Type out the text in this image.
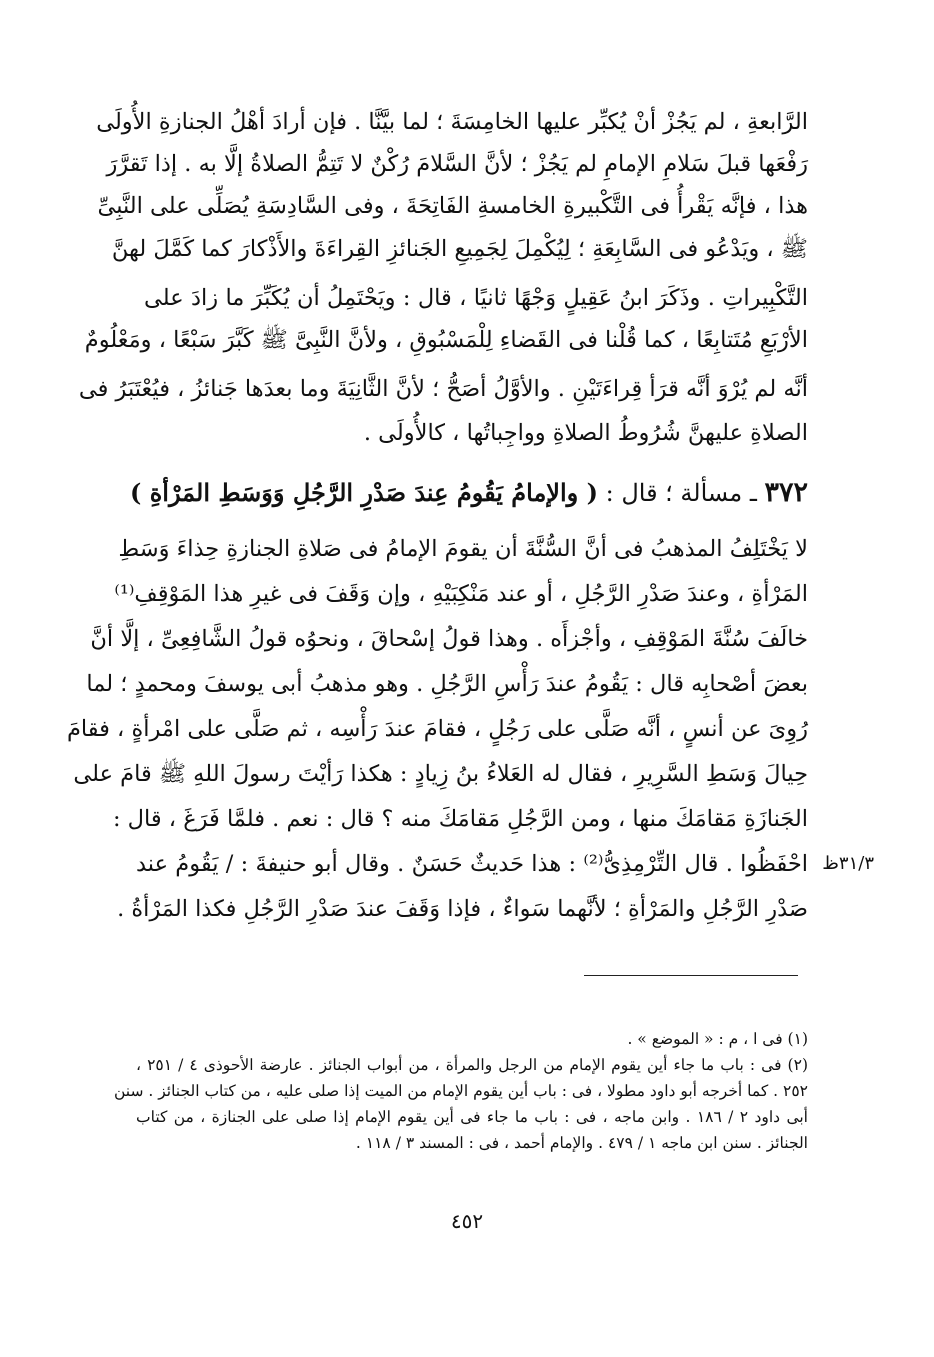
الرَّابعةِ ، لم يَجُزْ أنْ يُكبِّر عليها الخامِسَةَ ؛ لما بيَّنَّا . فإن أرادَ أهْلُ الجنازةِ الأُولَى
رَفْعَها قبلَ سَلامِ الإمامِ لم يَجُزْ ؛ لأنَّ السَّلامَ رُكْنٌ لا تَتِمُّ الصلاةُ إلَّا به . إذا تَقرَّرَ
هذا ، فإنَّه يَقْرأُ فى التَّكْبيرةِ الخامسةِ الفَاتِحَةَ ، وفى السَّادِسَةِ يُصَلِّى على النَّبِىِّ
ﷺ ، ويَدْعُو فى السَّابِعَةِ ؛ لِيُكْمِلَ لِجَمِيعِ الجَنائزِ القِراءَةَ والأَذْكارَ كما كَمَّلَ لهنَّ
التَّكْبِيراتِ . وذَكَرَ ابنُ عَقِيلٍ وَجْهًا ثانيًا ، قال : ويَحْتَمِلُ أن يُكَبِّرَ ما زادَ على
الأرْبَعِ مُتَتابِعًا ، كما قُلْنا فى القَضاءِ لِلْمَسْبُوقِ ، ولأنَّ النَّبِىَّ ﷺ كَبَّرَ سَبْعًا ، ومَعْلُومٌ
أنَّه لم يُرْوَ أنَّه قرَأ قِراءَتَيْنِ . والأوَّلُ أصَحُّ ؛ لأنَّ الثَّانِيَةَ وما بعدَها جَنائزُ ، فيُعْتَبَرُ فى
الصلاةِ عليهنَّ شُرُوطُ الصلاةِ وواجِباتُها ، كالأُولَى .
٣٧٢ ـ مسألة ؛ قال : ( والإمامُ يَقُومُ عِندَ صَدْرِ الرَّجُلِ وَوَسَطِ المَرْأةِ )
لا يَخْتَلِفُ المذهبُ فى أنَّ السُّنَّةَ أن يقومَ الإمامُ فى صَلاةِ الجنازةِ حِذاءَ وَسَطِ
المَرْأةِ ، وعندَ صَدْرِ الرَّجُلِ ، أو عند مَنْكِبَيْهِ ، وإن وَقَفَ فى غيرِ هذا المَوْقِفِ⁽¹⁾
خالَفَ سُنَّةَ المَوْقِفِ ، وأجْزأَه . وهذا قولُ إسْحاقَ ، ونحوُه قولُ الشَّافِعِىِّ ، إلَّا أنَّ
بعضَ أصْحابِه قال : يَقُومُ عندَ رَأْسِ الرَّجُلِ . وهو مذهبُ أبى يوسفَ ومحمدٍ ؛ لما
رُوِىَ عن أنسٍ ، أنَّه صَلَّى على رَجُلٍ ، فقامَ عندَ رَأْسِه ، ثم صَلَّى على امْرأةٍ ، فقامَ
حِيالَ وَسَطِ السَّرِيرِ ، فقال له العَلاءُ بنُ زِيادٍ : هكذا رَأيْتَ رسولَ اللهِ ﷺ قامَ على
الجَنازَةِ مَقامَكَ منها ، ومن الرَّجُلِ مَقامَكَ منه ؟ قال : نعم . فلمَّا فَرَغَ ، قال :
احْفَظُوا . قال التِّرْمِذِىُّ⁽²⁾ : هذا حَديثٌ حَسَنٌ . وقال أبو حنيفةَ : / يَقُومُ عند
صَدْرِ الرَّجُلِ والمَرْأةِ ؛ لأنَّهما سَواءٌ ، فإذا وَقَفَ عندَ صَدْرِ الرَّجُلِ فكذا المَرْأةُ .
٣١/٣ظ
(١) فى ا ، م : « الموضع » .
(٢) فى : باب ما جاء أين يقوم الإمام من الرجل والمرأة ، من أبواب الجنائز . عارضة الأحوذى ٤ / ٢٥١ ،
٢٥٢ . كما أخرجه أبو داود مطولا ، فى : باب أين يقوم الإمام من الميت إذا صلى عليه ، من كتاب الجنائز . سنن
أبى داود ٢ / ١٨٦ . وابن ماجه ، فى : باب ما جاء فى أين يقوم الإمام إذا صلى على الجنازة ، من كتاب
الجنائز . سنن ابن ماجه ١ / ٤٧٩ . والإمام أحمد ، فى : المسند ٣ / ١١٨ .
٤٥٢
